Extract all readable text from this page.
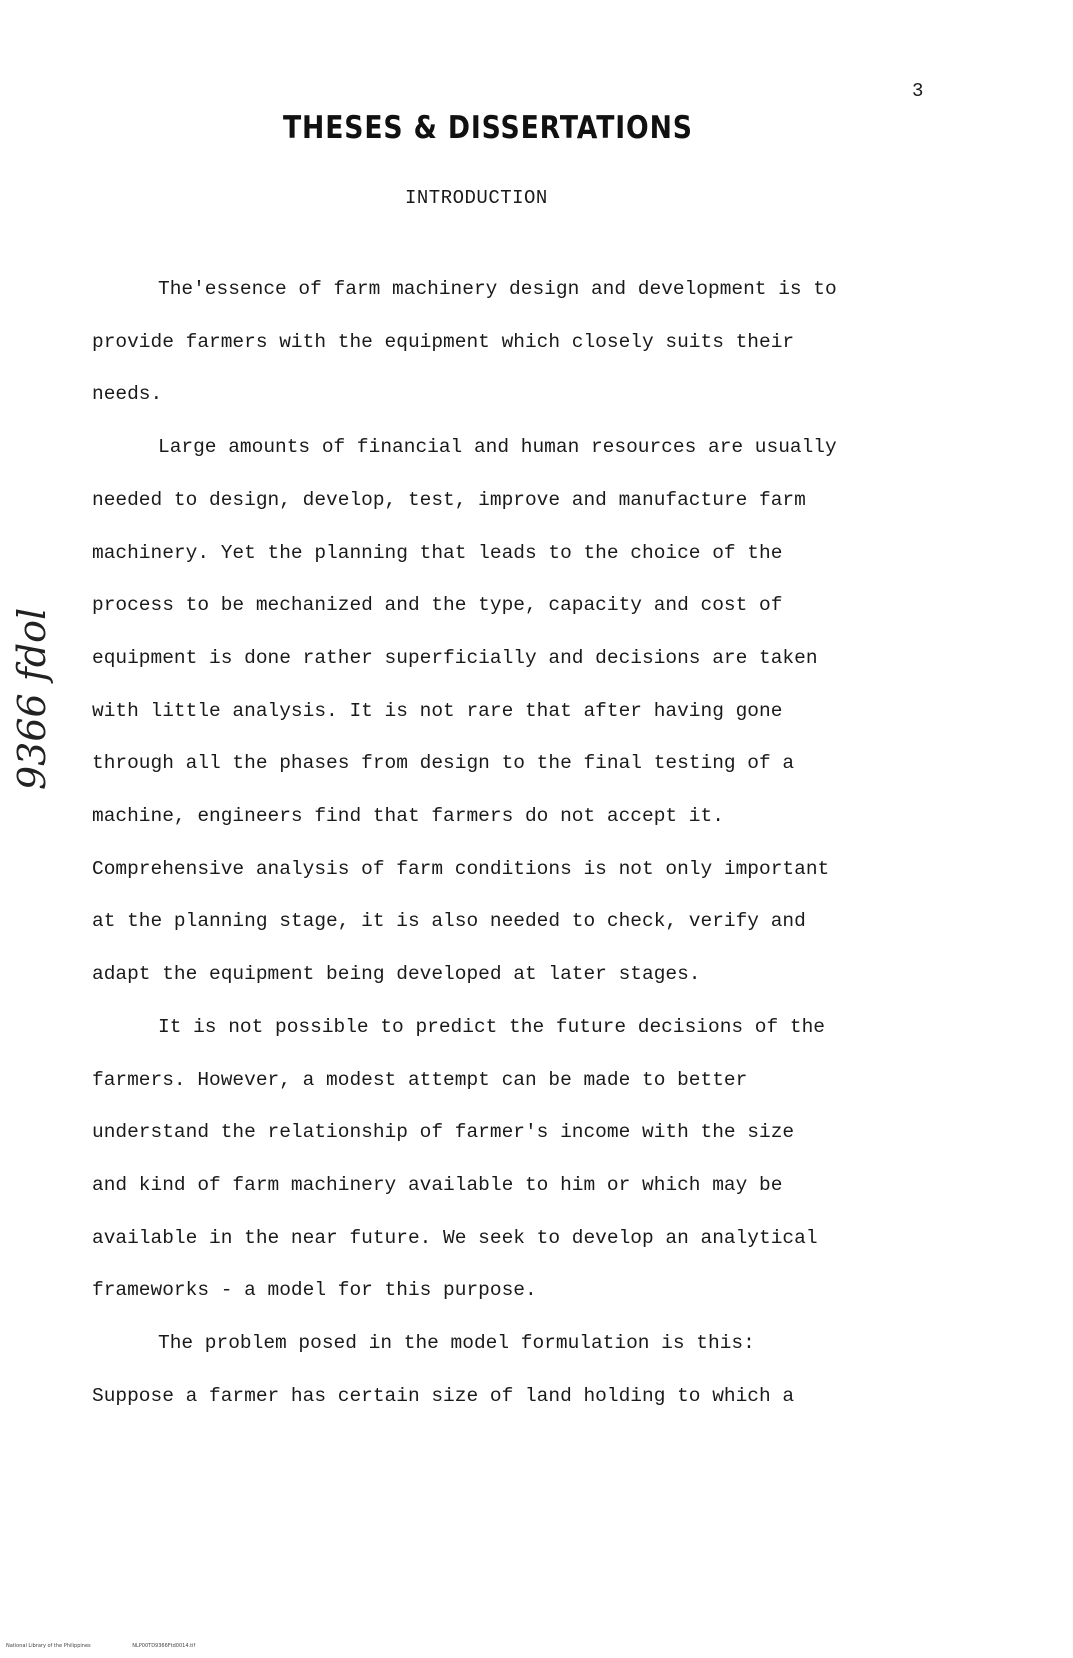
3
THESES & DISSERTATIONS
INTRODUCTION

The'essence of farm machinery design and development is to
provide farmers with the equipment which closely suits their
needs.

Large amounts of financial and human resources are usually
needed to design, develop, test, improve and manufacture farm
machinery. Yet the planning that leads to the choice of the
process to be mechanized and the type, capacity and cost of
equipment is done rather superficially and decisions are taken
with little analysis. It is not rare that after having gone
through all the phases from design to the final testing of a
machine, engineers find that farmers do not accept it.
Comprehensive analysis of farm conditions is not only important
at the planning stage, it is also needed to check, verify and
adapt the equipment being developed at later stages.

It is not possible to predict the future decisions of the
farmers. However, a modest attempt can be made to better
understand the relationship of farmer's income with the size
and kind of farm machinery available to him or which may be
available in the near future. We seek to develop an analytical
frameworks - a model for this purpose.

The problem posed in the model formulation is this:
Suppose a farmer has certain size of land holding to which a

9366 fdol
National Library of the Philippines	NLP00TD9366Ftd0014.tif
